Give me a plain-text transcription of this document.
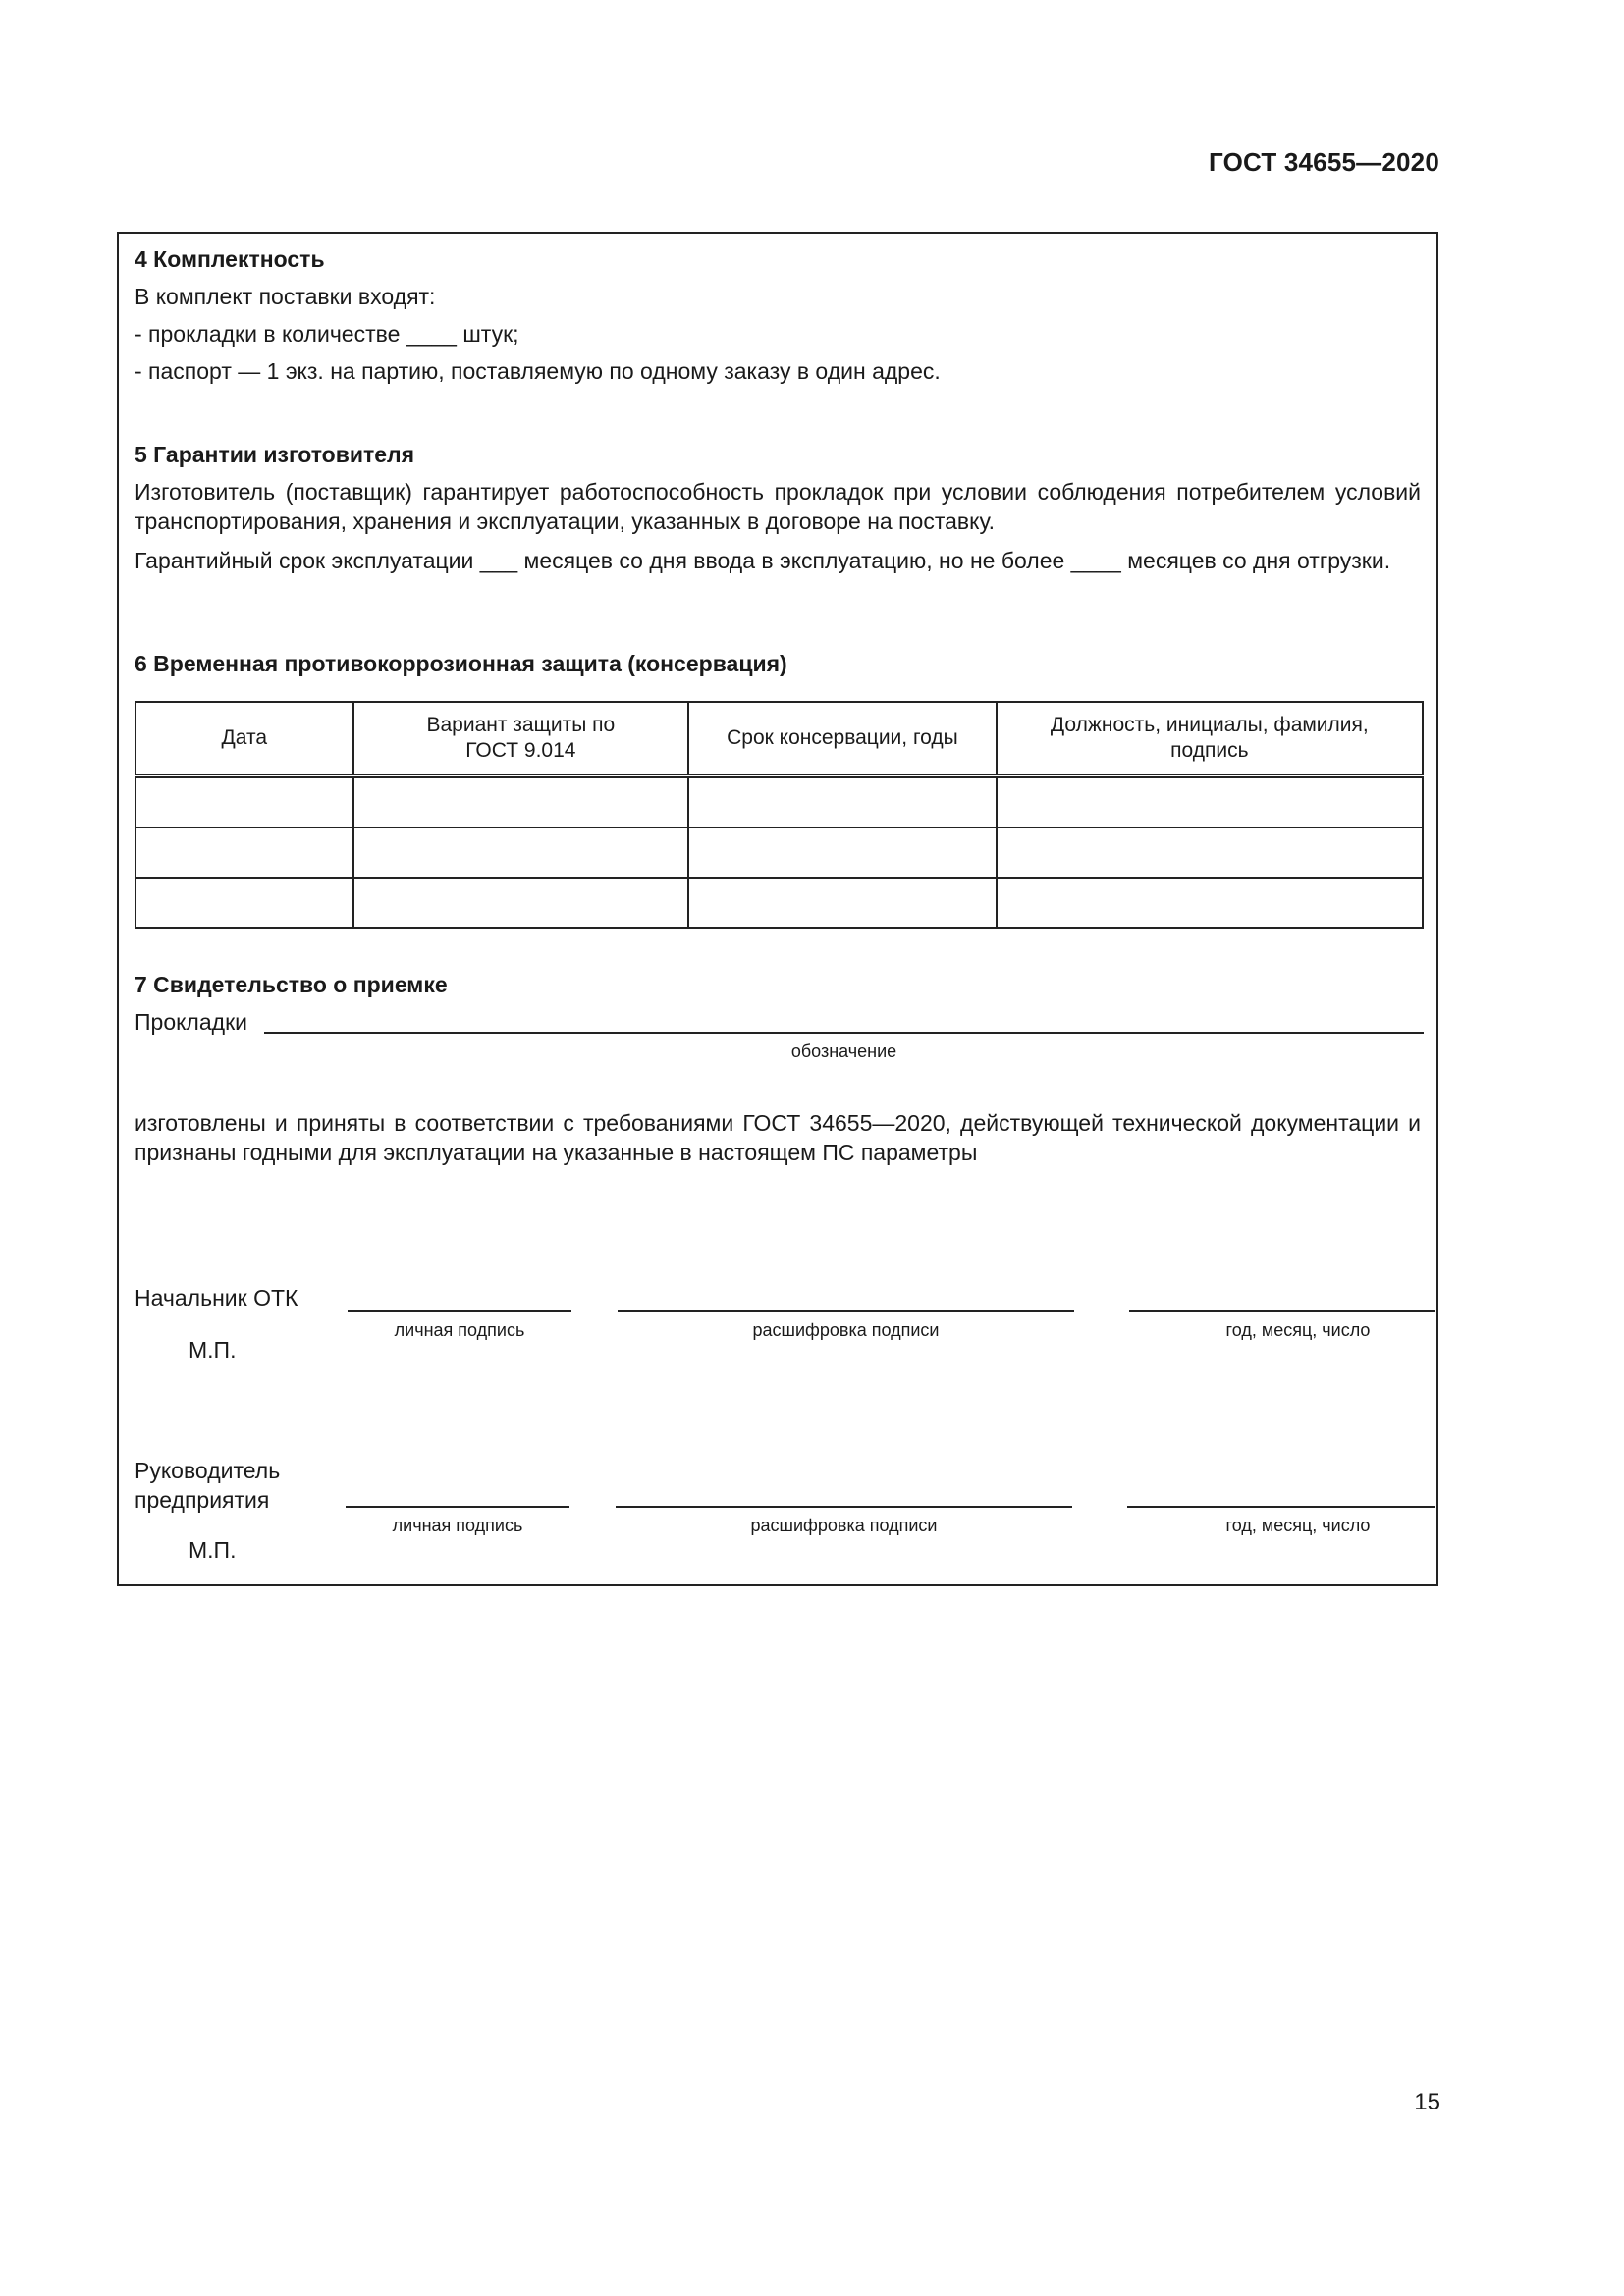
ГОСТ 34655—2020
4 Комплектность
В комплект поставки входят:
- прокладки в количестве ____ штук;
- паспорт — 1 экз. на партию, поставляемую по одному заказу в один адрес.
5 Гарантии изготовителя
Изготовитель (поставщик) гарантирует работоспособность прокладок при условии соблюдения потребителем условий транспортирования, хранения и эксплуатации, указанных в договоре на поставку.
Гарантийный срок эксплуатации ___ месяцев со дня ввода в эксплуатацию, но не более ____ месяцев со дня отгрузки.
6 Временная противокоррозионная защита (консервация)
Дата	Вариант защиты по ГОСТ 9.014	Срок консервации, годы	Должность, инициалы, фамилия, подпись

7 Свидетельство о приемке
Прокладки
обозначение
изготовлены и приняты в соответствии с требованиями ГОСТ 34655—2020, действующей технической документации и признаны годными для эксплуатации на указанные в настоящем ПС параметры
Начальник ОТК
личная подпись	расшифровка подписи	год, месяц, число
М.П.
Руководитель
предприятия
личная подпись	расшифровка подписи	год, месяц, число
М.П.
15
